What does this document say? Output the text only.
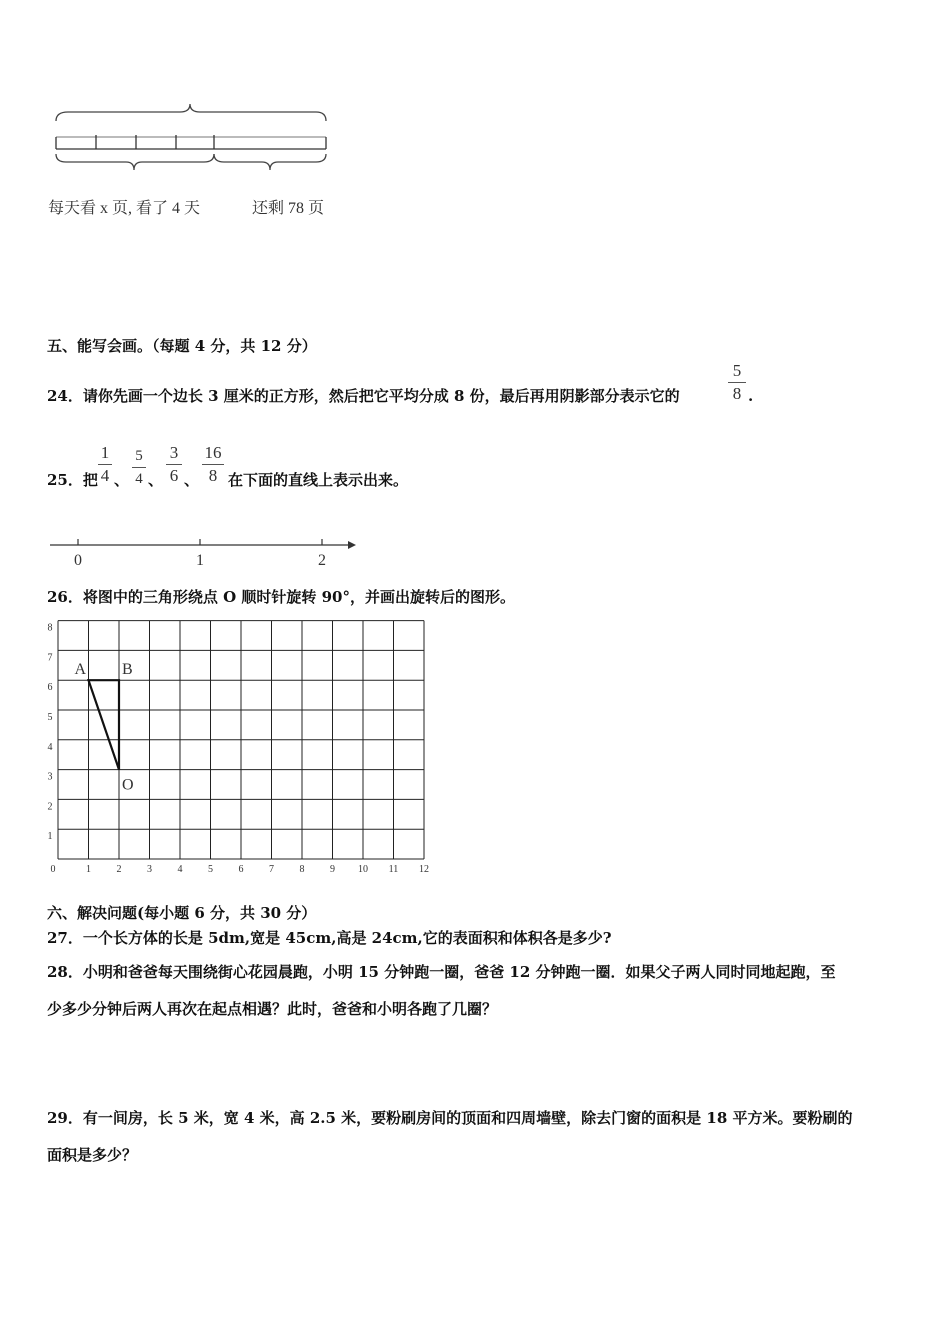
每天看 x 页, 看了 4 天	还剩 78 页
五、能写会画。（每题 4 分，共 12 分）
24．请你先画一个边长 3 厘米的正方形，然后把它平均分成 8 份，最后再用阴影部分表示它的
5
8 .
25．把
1
4 、
5
4 、
3
6 、
16
8 在下面的直线上表示出来。
0	1	2
26．将图中的三角形绕点 O 顺时针旋转 90°，并画出旋转后的图形。
0	1	2	3	4	5	6	7	8	9 10 11 12
1
2
3
4
5
6
7
8
A B
O
六、解决问题(每小题 6 分，共 30 分）
27．一个长方体的长是 5dm,宽是 45cm,高是 24cm,它的表面积和体积各是多少?
28．小明和爸爸每天围绕街心花园晨跑，小明 15 分钟跑一圈，爸爸 12 分钟跑一圈．如果父子两人同时同地起跑，至
少多少分钟后两人再次在起点相遇？此时，爸爸和小明各跑了几圈？
29．有一间房，长 5 米，宽 4 米，高 2.5 米，要粉刷房间的顶面和四周墙壁，除去门窗的面积是 18 平方米。要粉刷的
面积是多少？
